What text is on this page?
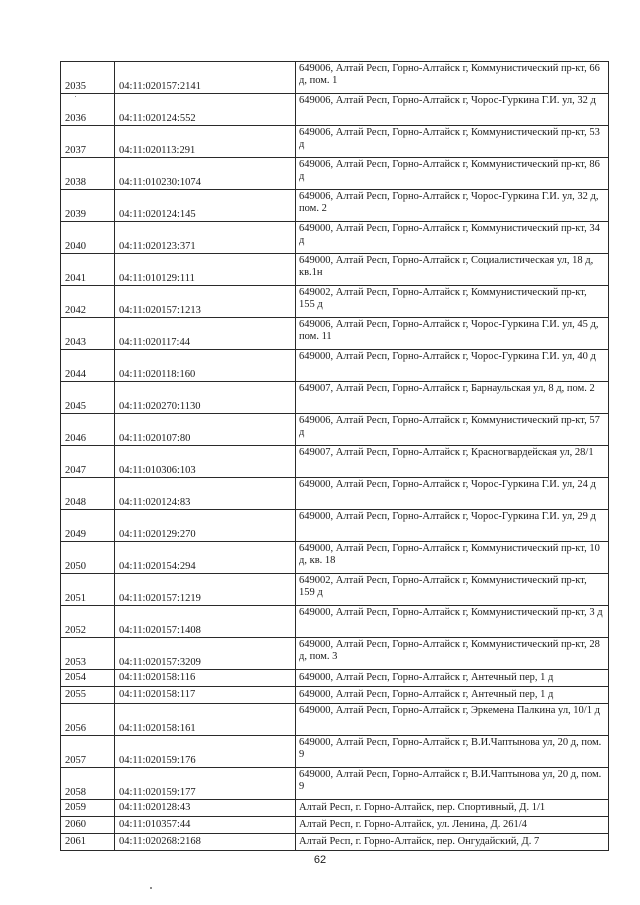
2035	04:11:020157:2141	649006, Алтай Респ, Горно-Алтайск г, Коммунистический пр-кт, 66 д, пом. 1
2036	04:11:020124:552	649006, Алтай Респ, Горно-Алтайск г, Чорос-Гуркина Г.И. ул, 32 д
2037	04:11:020113:291	649006, Алтай Респ, Горно-Алтайск г, Коммунистический пр-кт, 53 д
2038	04:11:010230:1074	649006, Алтай Респ, Горно-Алтайск г, Коммунистический пр-кт, 86 д
2039	04:11:020124:145	649006, Алтай Респ, Горно-Алтайск г, Чорос-Гуркина Г.И. ул, 32 д, пом. 2
2040	04:11:020123:371	649000, Алтай Респ, Горно-Алтайск г, Коммунистический пр-кт, 34 д
2041	04:11:010129:111	649000, Алтай Респ, Горно-Алтайск г, Социалистическая ул, 18 д, кв.1н
2042	04:11:020157:1213	649002, Алтай Респ, Горно-Алтайск г, Коммунистический пр-кт, 155 д
2043	04:11:020117:44	649006, Алтай Респ, Горно-Алтайск г, Чорос-Гуркина Г.И. ул, 45 д, пом. 11
2044	04:11:020118:160	649000, Алтай Респ, Горно-Алтайск г, Чорос-Гуркина Г.И. ул, 40 д
2045	04:11:020270:1130	649007, Алтай Респ, Горно-Алтайск г, Барнаульская ул, 8 д, пом. 2
2046	04:11:020107:80	649006, Алтай Респ, Горно-Алтайск г, Коммунистический пр-кт, 57 д
2047	04:11:010306:103	649007, Алтай Респ, Горно-Алтайск г, Красногвардейская ул, 28/1
2048	04:11:020124:83	649000, Алтай Респ, Горно-Алтайск г, Чорос-Гуркина Г.И. ул, 24 д
2049	04:11:020129:270	649000, Алтай Респ, Горно-Алтайск г, Чорос-Гуркина Г.И. ул, 29 д
2050	04:11:020154:294	649000, Алтай Респ, Горно-Алтайск г, Коммунистический пр-кт, 10 д, кв. 18
2051	04:11:020157:1219	649002, Алтай Респ, Горно-Алтайск г, Коммунистический пр-кт, 159 д
2052	04:11:020157:1408	649000, Алтай Респ, Горно-Алтайск г, Коммунистический пр-кт, 3 д
2053	04:11:020157:3209	649000, Алтай Респ, Горно-Алтайск г, Коммунистический пр-кт, 28 д, пом. 3
2054	04:11:020158:116	649000, Алтай Респ, Горно-Алтайск г, Антечный пер, 1 д
2055	04:11:020158:117	649000, Алтай Респ, Горно-Алтайск г, Антечный пер, 1 д
2056	04:11:020158:161	649000, Алтай Респ, Горно-Алтайск г, Эркемена Палкина ул, 10/1 д
2057	04:11:020159:176	649000, Алтай Респ, Горно-Алтайск г, В.И.Чаптынова ул, 20 д, пом. 9
2058	04:11:020159:177	649000, Алтай Респ, Горно-Алтайск г, В.И.Чаптынова ул, 20 д, пом. 9
2059	04:11:020128:43	Алтай Респ, г. Горно-Алтайск, пер. Спортивный, Д. 1/1
2060	04:11:010357:44	Алтай Респ, г. Горно-Алтайск, ул. Ленина, Д. 261/4
2061	04:11:020268:2168	Алтай Респ, г. Горно-Алтайск, пер. Онгудайский, Д. 7
62
